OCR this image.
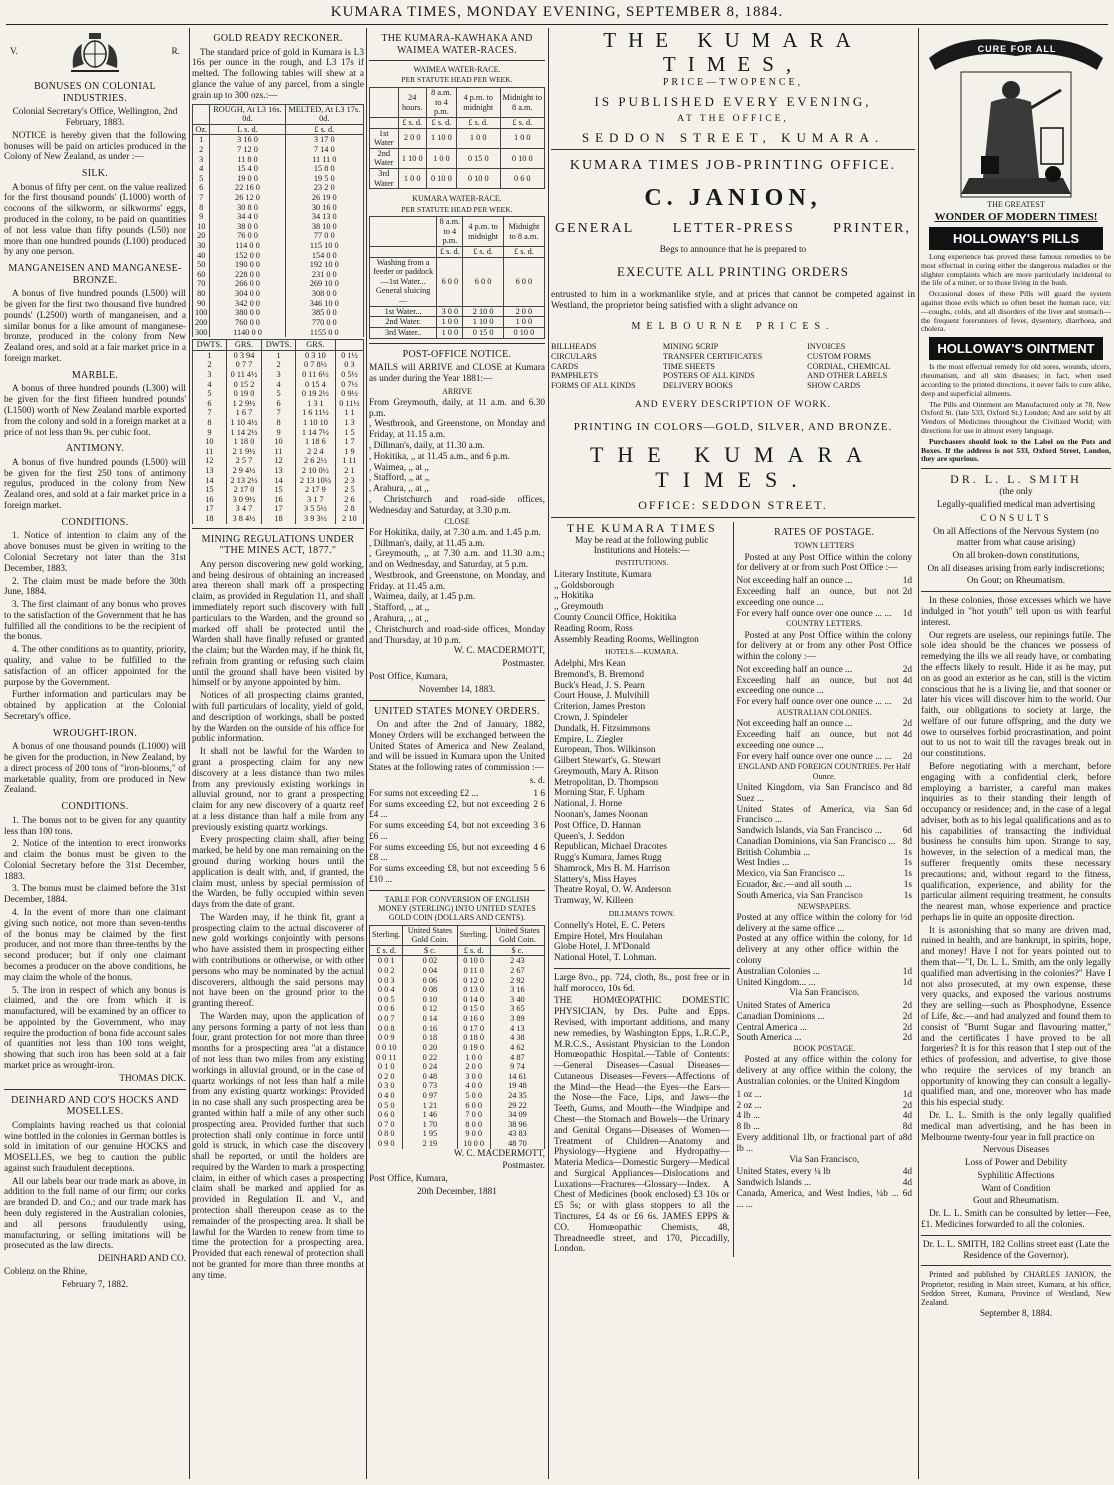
KUMARA TIMES, MONDAY EVENING, SEPTEMBER 8, 1884.
V.	R.
BONUSES ON COLONIAL INDUSTRIES.

Colonial Secretary's Office, Wellington, 2nd February, 1883.

NOTICE is hereby given that the following bonuses will be paid on articles produced in the Colony of New Zealand, as under :—

SILK.

A bonus of fifty per cent. on the value realized for the first thousand pounds' (L1000) worth of cocoons of the silkworm, or silkworms' eggs, produced in the colony, to be paid on quantities of not less value than fifty pounds (L50) nor more than one hundred pounds (L100) produced by any one person.

MANGANEISEN AND MANGANESE-BRONZE.

A bonus of five hundred pounds (L500) will be given for the first two thousand five hundred pounds' (L2500) worth of manganeisen, and a similar bonus for a like amount of manganese-bronze, produced in the colony from New Zealand ores, and sold at a fair market price in a foreign market.

MARBLE.

A bonus of three hundred pounds (L300) will be given for the first fifteen hundred pounds' (L1500) worth of New Zealand marble exported from the colony and sold in a foreign market at a price of not less than 9s. per cubic foot.

ANTIMONY.

A bonus of five hundred pounds (L500) will be given for the first 250 tons of antimony regulus, produced in the colony from New Zealand ores, and sold at a fair market price in a foreign market.

CONDITIONS.

1. Notice of intention to claim any of the above bonuses must be given in writing to the Colonial Secretary not later than the 31st December, 1883.

2. The claim must be made before the 30th June, 1884.

3. The first claimant of any bonus who proves to the satisfaction of the Government that he has fulfilled all the conditions to be the recipient of the bonus.

4. The other conditions as to quantity, priority, quality, and value to be fulfilled to the satisfaction of an officer appointed for the purpose by the Government.

Further information and particulars may be obtained by application at the Colonial Secretary's office.

WROUGHT-IRON.

A bonus of one thousand pounds (L1000) will be given for the production, in New Zealand, by a direct process of 200 tons of "iron-blooms," of marketable quality, from ore produced in New Zealand.

CONDITIONS.

1. The bonus not to be given for any quantity less than 100 tons.

2. Notice of the intention to erect ironworks and claim the bonus must be given to the Colonial Secretary before the 31st December, 1883.

3. The bonus must be claimed before the 31st December, 1884.

4. In the event of more than one claimant giving such notice, not more than seven-tenths of the bonus may be claimed by the first producer, and not more than three-tenths by the second producer; but if only one claimant becomes a producer on the above conditions, he may claim the whole of the bonus.

5. The iron in respect of which any bonus is claimed, and the ore from which it is manufactured, will be examined by an officer to be appointed by the Government, who may require the production of bona fide account sales of quantities not less than 100 tons weight, showing that such iron has been sold at a fair market price as wrought-iron.

THOMAS DICK.

DEINHARD AND CO'S HOCKS AND MOSELLES.

Complaints having reached us that colonial wine bottled in the colonies in German bottles is sold in imitation of our genuine HOCKS and MOSELLES, we beg to caution the public against such fraudulent deceptions.

All our labels bear our trade mark as above, in addition to the full name of our firm; our corks are branded D. and Co.; and our trade mark has been duly registered in the Australian colonies, and all persons fraudulently using, manufacturing, or selling imitations will be prosecuted as the law directs.

DEINHARD AND CO.

Coblenz on the Rhine,

February 7, 1882.

GOLD READY RECKONER.

The standard price of gold in Kumara is L3 16s per ounce in the rough, and L3 17s if melted. The following tables will shew at a glance the value of any parcel, from a single grain up to 300 ozs.:—

	ROUGH, At L3 16s. 0d.	MELTED, At L3 17s. 0d.
Oz.	L s. d.	£ s. d.
1	3 16 0	3 17 0
2	7 12 0	7 14 0
3	11 8 0	11 11 0
4	15 4 0	15 8 0
5	19 0 0	19 5 0
6	22 16 0	23 2 0
7	26 12 0	26 19 0
8	30 8 0	30 16 0
9	34 4 0	34 13 0
10	38 0 0	38 10 0
20	76 0 0	77 0 0
30	114 0 0	115 10 0
40	152 0 0	154 0 0
50	190 0 0	192 10 0
60	228 0 0	231 0 0
70	266 0 0	269 10 0
80	304 0 0	308 0 0
90	342 0 0	346 10 0
100	380 0 0	385 0 0
200	760 0 0	770 0 0
300	1140 0 0	1155 0 0
DWTS.	GRS.	DWTS.	GRS.	
1	0 3 94	1	0 3 10	0 1½
2	0 7 7	2	0 7 8½	0 3
3	0 11 4½	3	0 11 6½	0 5½
4	0 15 2	4	0 15 4	0 7½
5	0 19 0	5	0 19 2½	0 9½
6	1 2 9½	6	1 3 1	0 11½
7	1 6 7	7	1 6 11½	1 1
8	1 10 4½	8	1 10 10	1 3
9	1 14 2½	9	1 14 7½	1 5
10	1 18 0	10	1 18 6	1 7
11	2 1 9½	11	2 2 4	1 9
12	2 5 7	12	2 6 2½	1 11
13	2 9 4½	13	2 10 0½	2 1
14	2 13 2½	14	2 13 10½	2 3
15	2 17 0	15	2 17 9	2 5
16	3 0 9½	16	3 1 7	2 6
17	3 4 7	17	3 5 5½	2 8
18	3 8 4½	18	3 9 3½	2 10
MINING REGULATIONS UNDER "THE MINES ACT, 1877."

Any person discovering new gold working, and being desirous of obtaining an increased area thereon shall mark off a prospecting claim, as provided in Regulation 11, and shall immediately report such discovery with full particulars to the Warden, and the ground so marked off shall be protected until the Warden shall have finally refused or granted the claim; but the Warden may, if he think fit, refrain from granting or refusing such claim until the ground shall have been visited by himself or by anyone appointed by him.

Notices of all prospecting claims granted, with full particulars of locality, yield of gold, and description of workings, shall be posted by the Warden on the outside of his office for public information.

It shall not be lawful for the Warden to grant a prospecting claim for any new discovery at a less distance than two miles from any previously existing workings in alluvial ground, nor to grant a prospecting claim for any new discovery of a quartz reef at a less distance than half a mile from any previously existing quartz workings.

Every prospecting claim shall, after being marked, be held by one man remaining on the ground during working hours until the application is dealt with, and, if granted, the claim must, unless by special permission of the Warden, be fully occupied within seven days from the date of grant.

The Warden may, if he think fit, grant a prospecting claim to the actual discoverer of new gold workings conjointly with persons who have assisted them in prospecting either with contributions or otherwise, or with other persons who may be nominated by the actual discoverers, although the said persons may not have been on the ground prior to the granting thereof.

The Warden may, upon the application of any persons forming a party of not less than four, grant protection for not more than three months for a prospecting area "at a distance of not less than two miles from any existing workings in alluvial ground, or in the case of quartz workings of not less than half a mile from any existing quartz workings: Provided in no case shall any such prospecting area be granted within half a mile of any other such prospecting area. Provided further that such protection shall only continue in force until gold is struck, in which case the discovery shall be reported, or until the holders are required by the Warden to mark a prospecting claim, in either of which cases a prospecting claim shall be marked and applied for as provided in Regulation II. and V., and protection shall thereupon cease as to the remainder of the prospecting area. It shall be lawful for the Warden to renew from time to time the protection for a prospecting area. Provided that each renewal of protection shall not be granted for more than three months at any time.

THE KUMARA-KAWHAKA AND WAIMEA WATER-RACES.

WAIMEA WATER-RACE.

PER STATUTE HEAD PER WEEK.

	24 hours.	8 a.m. to 4 p.m.	4 p.m. to midnight	Midnight to 8 a.m.
	£ s. d.	£ s. d.	£ s. d.	£ s. d.
1st Water	2 0 0	1 10 0	1 0 0	1 0 0
2nd Water	1 10 0	1 0 0	0 15 0	0 10 0
3rd Water	1 0 0	0 10 0	0 10 0	0 6 0

KUMARA WATER-RACE.

PER STATUTE HEAD PER WEEK.

	8 a.m. to 4 p.m.	4 p.m. to midnight	Midnight to 8 a.m.
	£ s. d.	£ s. d.	£ s. d.
Washing from a feeder or paddock—1st Water... General sluicing—	6 0 0	6 0 0	6 0 0
1st Water...	3 0 0	2 10 0	2 0 0
2nd Water.	1 0 0	1 10 0	1 0 0
3rd Water..	1 0 0	0 15 0	0 10 0
POST-OFFICE NOTICE.

MAILS will ARRIVE and CLOSE at Kumara as under during the Year 1881:—

ARRIVE

From Greymouth, daily, at 11 a.m. and 6.30 p.m.
, Westbrook, and Greenstone, on Monday and Friday, at 11.15 a.m.
, Dillman's, daily, at 11.30 a.m.
, Hokitika, ,, at 11.45 a.m., and 6 p.m.
, Waimea, ,, at ,,
, Stafford, ,, at ,,
, Arahura, ,, at ,,
, Christchurch and road-side offices, Wednesday and Saturday, at 3.30 p.m.

CLOSE

For Hokitika, daily, at 7.30 a.m. and 1.45 p.m.
, Dillman's, daily, at 11.45 a.m.
, Greymouth, ,, at 7.30 a.m. and 11.30 a.m.; and on Wednesday, and Saturday, at 5 p.m.
, Westbrook, and Greenstone, on Monday, and Friday. at 11.45 a.m.
, Waimea, daily, at 1.45 p.m.
, Stafford, ,, at ,,
, Arahura, ,, at ,,
, Christchurch and road-side offices, Monday and Thursday, at 10 p.m.

W. C. MACDERMOTT,

Postmaster.

Post Office, Kumara,

November 14, 1883.

UNITED STATES MONEY ORDERS.

On and after the 2nd of January, 1882, Money Orders will be exchanged between the United States of America and New Zealand, and will be issued in Kumara upon the United States at the following rates of commission :—

s. d.

For sums not exceeding £2 ...	1 6
For sums exceeding £2, but not exceeding £4 ...
2 6
For sums exceeding £4, but not exceeding £6 ...
3 6
For sums exceeding £6, but not exceeding £8 ...
4 6
For sums exceeding £8, but not exceeding £10 ...
5 6

TABLE FOR CONVERSION OF ENGLISH MONEY (STERLING) INTO UNITED STATES GOLD COIN (DOLLARS AND CENTS).

Sterling.	United States Gold Coin.	Sterling.	United States Gold Coin.
£ s. d.	$ c.	£ s. d.	$ c.
0 0 1	0 02	0 10 0	2 43
0 0 2	0 04	0 11 0	2 67
0 0 3	0 06	0 12 0	2 92
0 0 4	0 08	0 13 0	3 16
0 0 5	0 10	0 14 0	3 40
0 0 6	0 12	0 15 0	3 65
0 0 7	0 14	0 16 0	3 89
0 0 8	0 16	0 17 0	4 13
0 0 9	0 18	0 18 0	4 38
0 0 10	0 20	0 19 0	4 62
0 0 11	0 22	1 0 0	4 87
0 1 0	0 24	2 0 0	9 74
0 2 0	0 48	3 0 0	14 61
0 3 0	0 73	4 0 0	19 48
0 4 0	0 97	5 0 0	24 35
0 5 0	1 21	6 0 0	29 22
0 6 0	1 46	7 0 0	34 09
0 7 0	1 70	8 0 0	38 96
0 8 0	1 95	9 0 0	43 83
0 9 0	2 19	10 0 0	48 70

W. C. MACDERMOTT,

Postmaster.

Post Office, Kumara,

20th December, 1881

THE KUMARA TIMES,
PRICE—TWOPENCE,
IS PUBLISHED EVERY EVENING,
AT THE OFFICE,
SEDDON STREET, KUMARA.
KUMARA TIMES JOB-PRINTING OFFICE.
C. JANION,
GENERAL	LETTER-PRESS	PRINTER,

Begs to announce that he is prepared to

EXECUTE ALL PRINTING ORDERS

entrusted to him in a workmanlike style, and at prices that cannot be competed against in Westland, the proprietor being satisfied with a slight advance on

MELBOURNE PRICES.
BILLHEADS
CIRCULARS
CARDS
PAMPHLETS
FORMS OF ALL KINDS
MINING SCRIP
TRANSFER CERTIFICATES
TIME SHEETS
POSTERS OF ALL KINDS
DELIVERY BOOKS
INVOICES
CUSTOM FORMS
CORDIAL, CHEMICAL
AND OTHER LABELS
SHOW CARDS
AND EVERY DESCRIPTION OF WORK.
PRINTING IN COLORS—GOLD, SILVER, AND BRONZE.
THE KUMARA TIMES.
OFFICE: SEDDON STREET.
THE KUMARA TIMES

May be read at the following public Institutions and Hotels:—

INSTITUTIONS.

Literary Institute, Kumara
,, Goldsborough
,, Hokitika
,, Greymouth
County Council Office, Hokitika
Reading Room, Ross
Assembly Reading Rooms, Wellington

HOTELS.—KUMARA.

Adelphi, Mrs Kean
Bremond's, B. Bremond
Buck's Head, J. S. Pearn
Court House, J. Mulvihill
Criterion, James Preston
Crown, J. Spindeler
Dundalk, H. Fitzsimmons
Empire, L. Ziegler
European, Thos. Wilkinson
Gilbert Stewart's, G. Stewart
Greymouth, Mary A. Ritson
Metropolitan, D. Thompson
Morning Star, F. Upham
National, J. Horne
Noonan's, James Noonan
Post Office, D. Hannan
Queen's, J. Seddon
Republican, Michael Dracotes
Rugg's Kumara, James Rugg
Shamrock, Mrs B. M. Harrison
Slattery's, Miss Hayes
Theatre Royal, O. W. Anderson
Tramway, W. Killeen

DILLMAN'S TOWN.

Connelly's Hotel, E. C. Peters
Empire Hotel, Mrs Houlahan
Globe Hotel, J. M'Donald
National Hotel, T. Lohman.

Large 8vo., pp. 724, cloth, 8s., post free or in half morocco, 10s 6d.

THE HOMŒOPATHIC DOMESTIC PHYSICIAN, by Drs. Pulte and Epps. Revised, with important additions, and many new remedies, by Washington Epps, L.R.C.P., M.R.C.S., Assistant Physician to the London Homœopathic Hospital.—Table of Contents:—General Diseases—Casual Diseases—Cutaneous Diseases—Fevers—Affections of the Mind—the Head—the Eyes—the Ears—the Nose—the Face, Lips, and Jaws—the Teeth, Gums, and Mouth—the Windpipe and Chest—the Stomach and Bowels—the Urinary and Genital Organs—Diseases of Women—Treatment of Children—Anatomy and Physiology—Hygiene and Hydropathy—Materia Medica—Domestic Surgery—Medical and Surgical Appliances—Dislocations and Luxations—Fractures—Glossary—Index. A Chest of Medicines (book enclosed) £3 10s or £5 5s; or with glass stoppers to all the Tinctures, £4 4s or £6 6s. JAMES EPPS & CO. Homœopathic Chemists, 48, Threadneedle street, and 170, Piccadilly, London.

RATES OF POSTAGE.

TOWN LETTERS

Posted at any Post Office within the colony for delivery at or from such Post Office :—

Not exceeding half an ounce ...	1d
Exceeding half an ounce, but not exceeding one ounce ...
2d
For every half ounce over one ounce ... ... 1d

COUNTRY LETTERS.

Posted at any Post Office within the colony for delivery at or from any other Post Office within the colony :—

Not exceeding half an ounce ...	2d
Exceeding half an ounce, but not exceeding one ounce ...
4d
For every half ounce over one ounce ... ... 2d

AUSTRALIAN COLONIES.

Not exceeding half an ounce ...	2d
Exceeding half an ounce, but not exceeding one ounce ...
4d
For every half ounce over one ounce ... ... 2d

ENGLAND AND FOREIGN COUNTRIES. Per Half Ounce.

United Kingdom, via San Francisco and Suez ...
8d
United States of America, via San Francisco ...
6d
Sandwich Islands, via San Francisco ... 6d
Canadian Dominions, via San Francisco ... 8d
British Columbia ...	1s
West Indies ...	1s
Mexico, via San Francisco ...	1s
Ecuador, &c.—and all south ...	1s
South America, via San Francisco	1s

NEWSPAPERS.

Posted at any office within the colony for delivery at the same office ...
½d
Posted at any office within the colony, for delivery at any other office within the colony
1d
Australian Colonies ...	1d
United Kingdom... ...	1d

Via San Francisco.

United States of America	2d
Canadian Dominions ...	2d
Central America ...	2d
South America ...	2d

BOOK POSTAGE.

Posted at any office within the colony for delivery at any office within the colony, the Australian colonies. or the United Kingdom

1 oz ...	1d
2 oz ...	2d
4 lb ...	4d
8 lb ...	8d
Every additional 1lb, or fractional part of a lb ...
8d

Via San Francisco,

United States, every ¼ lb	4d
Sandwich Islands ...	4d
Canada, America, and West Indies, ¼b ... ... ...
6d
CURE FOR ALL

THE GREATEST

WONDER OF MODERN TIMES!

HOLLOWAY'S PILLS

Long experience has proved these famous remedies to be most effectual in curing either the dangerous maladies or the slighter complaints which are more particularly incidental to the life of a miner, or to those living in the bush.

Occasional doses of these Pills will guard the system against those evils which so often beset the human race, viz:—coughs, colds, and all disorders of the liver and stomach—the frequent forerunners of fever, dysentery, diarrhoea, and cholera.

HOLLOWAY'S OINTMENT

Is the most effectual remedy for old sores, wounds, ulcers, rheumatism, and all skin diseases; in fact, when used according to the printed directions, it never fails to cure alike, deep and superficial ailments.

The Pills and Ointment are Manufactured only at 78, New Oxford St. (late 533, Oxford St.) London; And are sold by all Vendors of Medicines throughout the Civilized World; with directions for use in almost every language.

Purchasers should look to the Label on the Pots and Boxes. If the address is not 533, Oxford Street, London, they are spurious.

DR. L. L. SMITH

(the only

Legally-qualified medical man advertising

CONSULTS

On all Affections of the Nervous System (no matter from what cause arising)

On all broken-down constitutions,

On all diseases arising from early indiscretions;

On Gout; on Rheumatism.

In these colonies, those excesses which we have indulged in "hot youth" tell upon us with fearful interest.

Our regrets are useless, our repinings futile. The sole idea should be the chances we possess of remedying the ills we all ready have, or combating the effects likely to result. Hide it as he may, put on as good an exterior as he can, still is the victim conscious that he is a living lie, and that sooner or later his vices will discover him to the world. Our faith, our obligations to society at large, the welfare of our future offspring, and the duty we owe to ourselves forbid procrastination, and point out to us not to wait till the ravages break out in our constitutions.

Before negotiating with a merchant, before engaging with a confidential clerk, before employing a barrister, a careful man makes inquiries as to their standing their length of occupancy or residence; and, in the case of a legal adviser, both as to his legal qualifications and as to his capabilities of transacting the individual business he consults him upon. Strange to say, however, in the selection of a medical man, the sufferer frequently omits these necessary precautions; and, without regard to the fitness, qualification, experience, and ability for the particular ailment requiring treatment, he consults the nearest man, whose experience and practice perhaps lie in quite an opposite direction.

It is astonishing that so many are driven mad, ruined in health, and are bankrupt, in spirits, hope, and money! Have I not for years pointed out to them that—"I, Dr. L. L. Smith, am the only legally qualified man advertising in the colonies?" Have I not also prosecuted, at my own expense, these very quacks, and exposed the various nostrums they are selling—such as Phosphodyne, Essence of Life, &c.—and had analyzed and found them to consist of "Burnt Sugar and flavouring matter," and the certificates I have proved to be all forgeries? It is for this reason that I step out of the ethics of profession, and advertise, to give those who require the services of my branch an opportunity of knowing they can consult a legally-qualified man, and one, moreover who has made this his especial study.

Dr. L. L. Smith is the only legally qualified medical man advertising, and he has been in Melbourne twenty-four year in full practice on

Nervous Diseases
Loss of Power and Debility
Syphilitic Affections
Want of Condition
Gout and Rheumatism.

Dr. L. L. Smith can be consulted by letter—Fee, £1. Medicines forwarded to all the colonies.

Dr. L. L. SMITH, 182 Collins street east (Late the Residence of the Governor).

Printed and published by CHARLES JANION, the Proprietor, residing in Main street, Kumara, at his office, Seddon Street, Kumara, Province of Westland, New Zealand.

September 8, 1884.
